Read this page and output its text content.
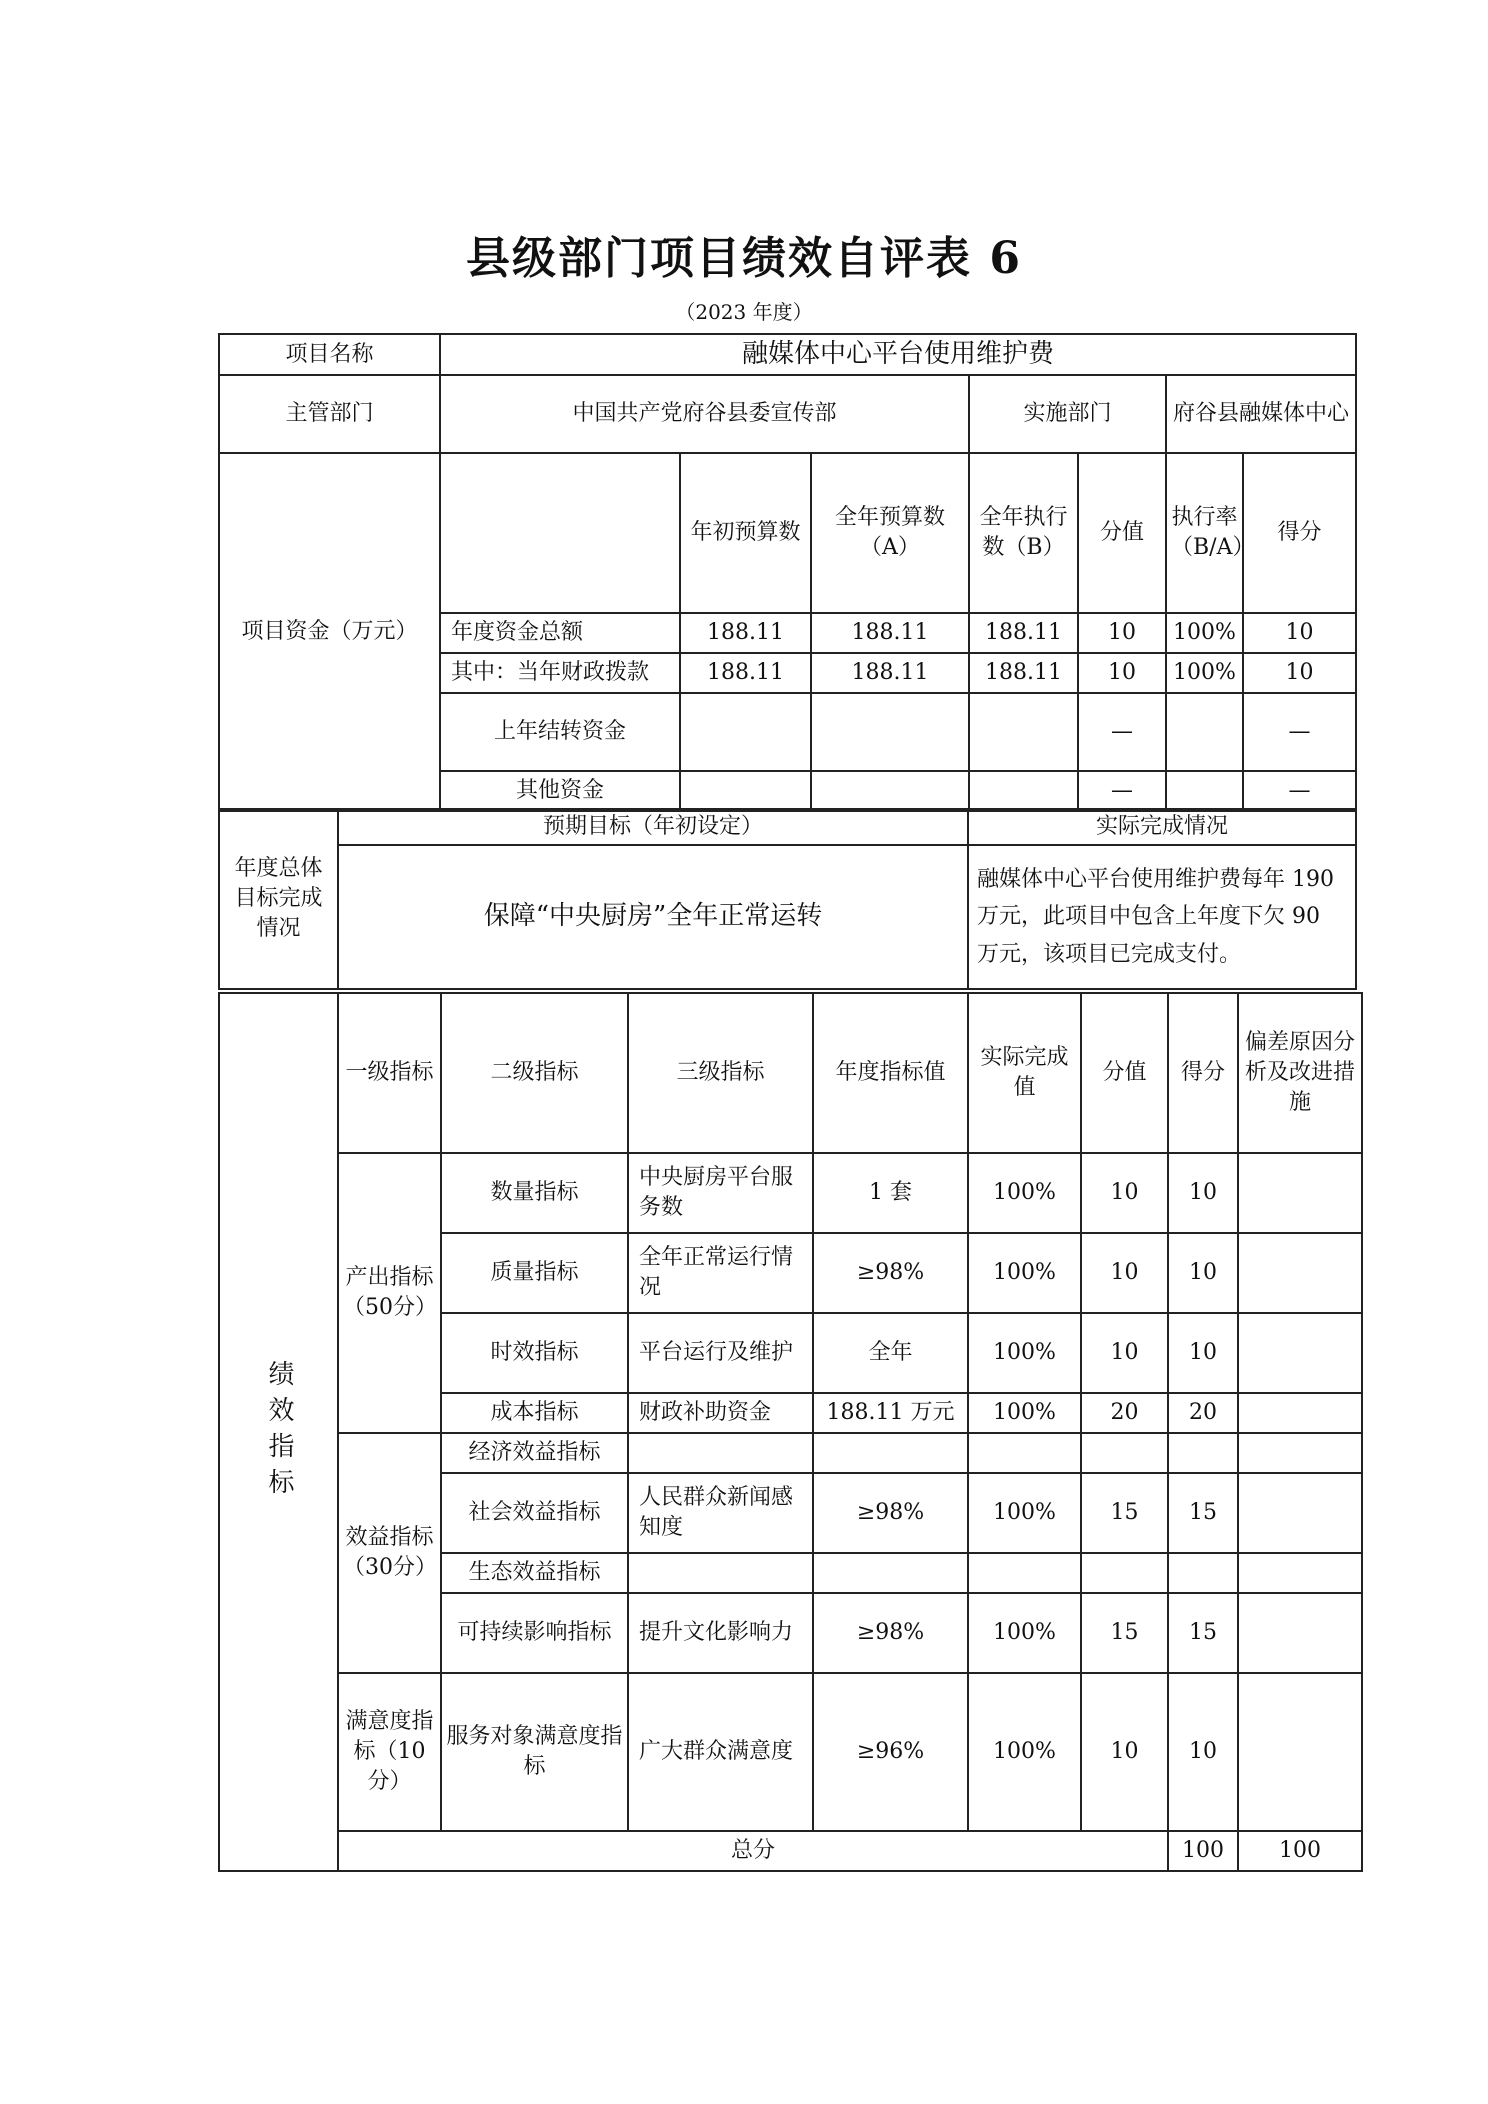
县级部门项目绩效自评表 6
（2023 年度）
项目名称	融媒体中心平台使用维护费						
主管部门	中国共产党府谷县委宣传部			实施部门		府谷县融媒体中心	
项目资金（万元）		年初预算数	全年预算数（A）	全年执行数（B）	分值	执行率（B/A）	得分
	年度资金总额	188.11	188.11	188.11	10	100%	10
	其中：当年财政拨款	188.11	188.11	188.11	10	100%	10
	上年结转资金				—		—
	其他资金				—		—
年度总体目标完成情况	预期目标（年初设定）	实际完成情况
	保障“中央厨房”全年正常运转	融媒体中心平台使用维护费每年 190 万元，此项目中包含上年度下欠 90 万元，该项目已完成支付。
绩效指标	一级指标	二级指标	三级指标	年度指标值	实际完成值	分值	得分	偏差原因分析及改进措施	
	产出指标（50分）	数量指标	中央厨房平台服务数	1 套	100%	10	10		
		质量指标	全年正常运行情况	≥98%	100%	10	10		
		时效指标	平台运行及维护	全年	100%	10	10		
		成本指标	财政补助资金	188.11 万元	100%	20	20		
	效益指标（30分）	经济效益指标							
		社会效益指标	人民群众新闻感知度	≥98%	100%	15	15		
		生态效益指标							
		可持续影响指标	提升文化影响力	≥98%	100%	15	15		
	满意度指标（10分）	服务对象满意度指标	广大群众满意度	≥96%	100%	10	10		
	总分						100	100	
